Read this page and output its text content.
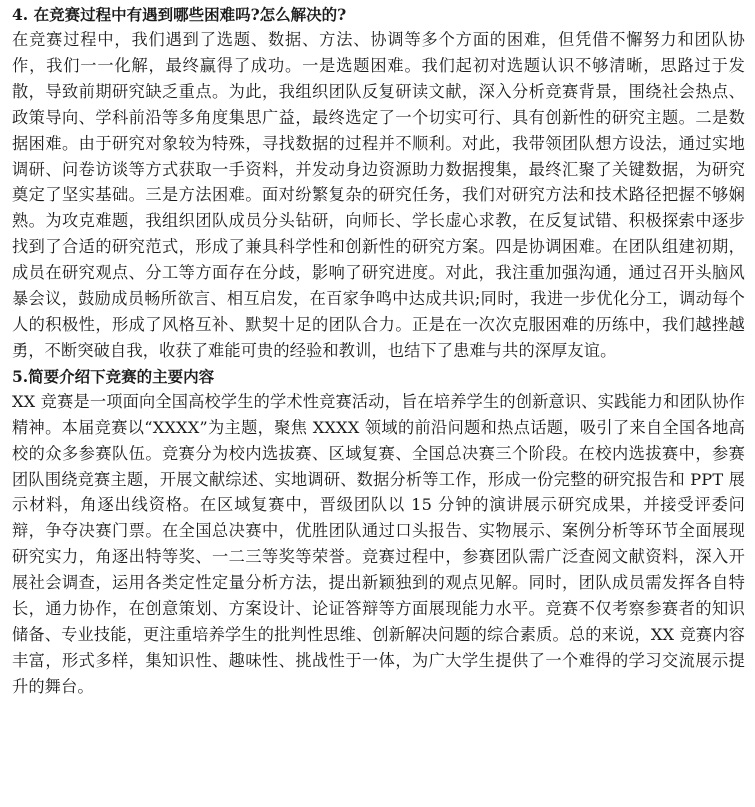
4. 在竞赛过程中有遇到哪些困难吗?怎么解决的?

在竞赛过程中，我们遇到了选题、数据、方法、协调等多个方面的困难，但凭借不懈努力和团队协作，我们一一化解，最终赢得了成功。一是选题困难。我们起初对选题认识不够清晰，思路过于发散，导致前期研究缺乏重点。为此，我组织团队反复研读文献，深入分析竞赛背景，围绕社会热点、政策导向、学科前沿等多角度集思广益，最终选定了一个切实可行、具有创新性的研究主题。二是数据困难。由于研究对象较为特殊，寻找数据的过程并不顺利。对此，我带领团队想方设法，通过实地调研、问卷访谈等方式获取一手资料，并发动身边资源助力数据搜集，最终汇聚了关键数据，为研究奠定了坚实基础。三是方法困难。面对纷繁复杂的研究任务，我们对研究方法和技术路径把握不够娴熟。为攻克难题，我组织团队成员分头钻研，向师长、学长虚心求教，在反复试错、积极探索中逐步找到了合适的研究范式，形成了兼具科学性和创新性的研究方案。四是协调困难。在团队组建初期，成员在研究观点、分工等方面存在分歧，影响了研究进度。对此，我注重加强沟通，通过召开头脑风暴会议，鼓励成员畅所欲言、相互启发，在百家争鸣中达成共识;同时，我进一步优化分工，调动每个人的积极性，形成了风格互补、默契十足的团队合力。正是在一次次克服困难的历练中，我们越挫越勇，不断突破自我，收获了难能可贵的经验和教训，也结下了患难与共的深厚友谊。

5.简要介绍下竞赛的主要内容

XX 竞赛是一项面向全国高校学生的学术性竞赛活动，旨在培养学生的创新意识、实践能力和团队协作精神。本届竞赛以“XXXX”为主题，聚焦 XXXX 领域的前沿问题和热点话题，吸引了来自全国各地高校的众多参赛队伍。竞赛分为校内选拔赛、区域复赛、全国总决赛三个阶段。在校内选拔赛中，参赛团队围绕竞赛主题，开展文献综述、实地调研、数据分析等工作，形成一份完整的研究报告和 PPT 展示材料，角逐出线资格。在区域复赛中，晋级团队以 15 分钟的演讲展示研究成果，并接受评委问辩，争夺决赛门票。在全国总决赛中，优胜团队通过口头报告、实物展示、案例分析等环节全面展现研究实力，角逐出特等奖、一二三等奖等荣誉。竞赛过程中，参赛团队需广泛查阅文献资料，深入开展社会调查，运用各类定性定量分析方法，提出新颖独到的观点见解。同时，团队成员需发挥各自特长，通力协作，在创意策划、方案设计、论证答辩等方面展现能力水平。竞赛不仅考察参赛者的知识储备、专业技能，更注重培养学生的批判性思维、创新解决问题的综合素质。总的来说，XX 竞赛内容丰富，形式多样，集知识性、趣味性、挑战性于一体，为广大学生提供了一个难得的学习交流展示提升的舞台。
